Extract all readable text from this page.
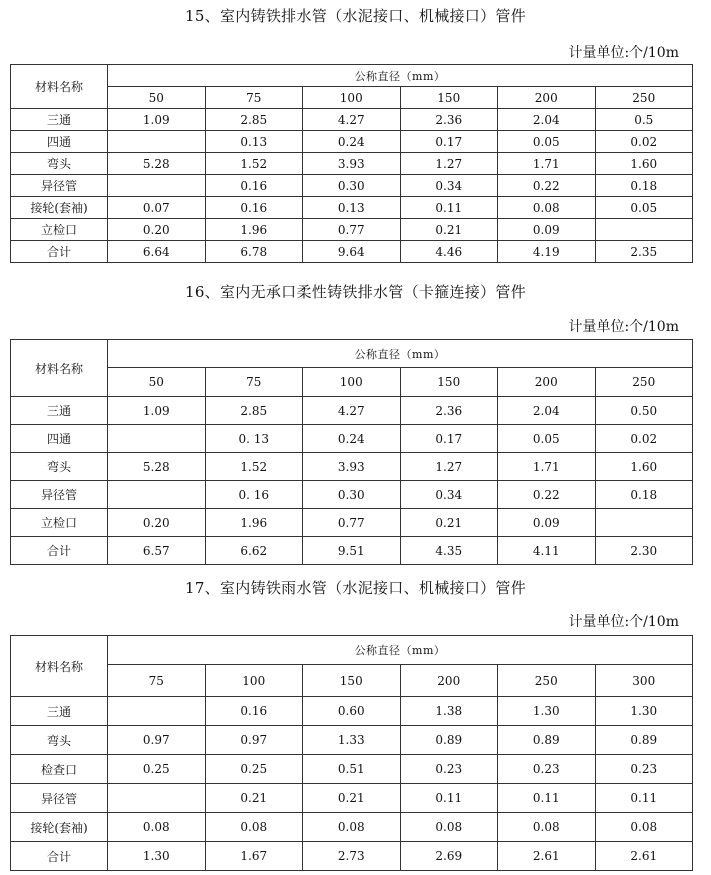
15、室内铸铁排水管（水泥接口、机械接口）管件
计量单位:个/10m
材料名称	公称直径（mm）					
	50	75	100	150	200	250
三通	1.09	2.85	4.27	2.36	2.04	0.5
四通		0.13	0.24	0.17	0.05	0.02
弯头	5.28	1.52	3.93	1.27	1.71	1.60
异径管		0.16	0.30	0.34	0.22	0.18
接轮(套袖)	0.07	0.16	0.13	0.11	0.08	0.05
立检口	0.20	1.96	0.77	0.21	0.09	
合计	6.64	6.78	9.64	4.46	4.19	2.35
16、室内无承口柔性铸铁排水管（卡箍连接）管件
计量单位:个/10m
材料名称	公称直径（mm）					
	50	75	100	150	200	250
三通	1.09	2.85	4.27	2.36	2.04	0.50
四通		0. 13	0.24	0.17	0.05	0.02
弯头	5.28	1.52	3.93	1.27	1.71	1.60
异径管		0. 16	0.30	0.34	0.22	0.18
立检口	0.20	1.96	0.77	0.21	0.09	
合计	6.57	6.62	9.51	4.35	4.11	2.30
17、室内铸铁雨水管（水泥接口、机械接口）管件
计量单位:个/10m
材料名称	公称直径（mm）					
	75	100	150	200	250	300
三通		0.16	0.60	1.38	1.30	1.30
弯头	0.97	0.97	1.33	0.89	0.89	0.89
检查口	0.25	0.25	0.51	0.23	0.23	0.23
异径管		0.21	0.21	0.11	0.11	0.11
接轮(套袖)	0.08	0.08	0.08	0.08	0.08	0.08
合计	1.30	1.67	2.73	2.69	2.61	2.61
